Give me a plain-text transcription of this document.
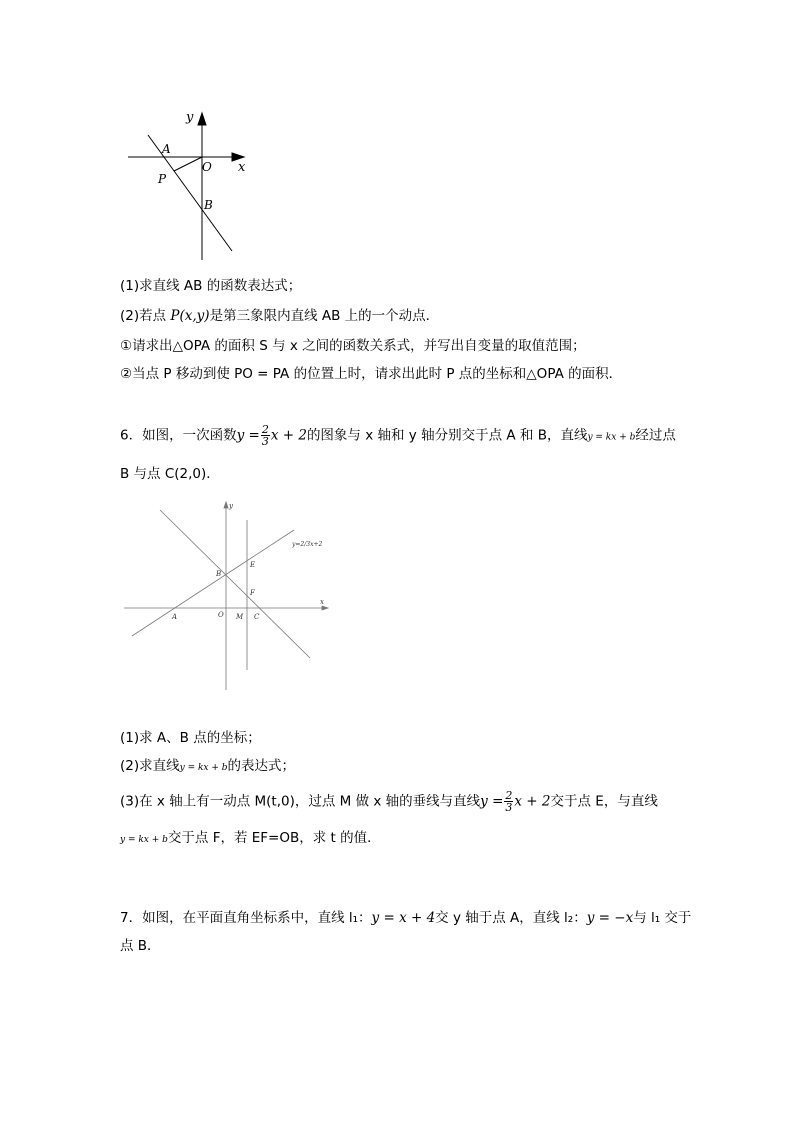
y
x
A
O
P
B
(1)求直线 AB 的函数表达式；
(2)若点 P(x,y)是第三象限内直线 AB 上的一个动点．
①请求出△OPA 的面积 S 与 x 之间的函数关系式，并写出自变量的取值范围；
②当点 P 移动到使 PO = PA 的位置上时，请求出此时 P 点的坐标和△OPA 的面积．
6．如图，一次函数$y = \frac{2}{3}$ x + 2的图象与 x 轴和 y 轴分别交于点 A 和 B，直线y = kx + b经过点
B 与点 C(2,0)．
y
x
B
E
F
A	O M C
y=2/3x+2
(1)求 A、B 点的坐标；
(2)求直线y = kx + b的表达式；
(3)在 x 轴上有一动点 M(t,0)，过点 M 做 x 轴的垂线与直线$y = \frac{2}{3}$ x + 2交于点 E，与直线
y = kx + b交于点 F，若 EF=OB，求 t 的值．
7．如图，在平面直角坐标系中，直线 l₁：y = x + 4交 y 轴于点 A，直线 l₂：y = −x与 l₁ 交于
点 B．
